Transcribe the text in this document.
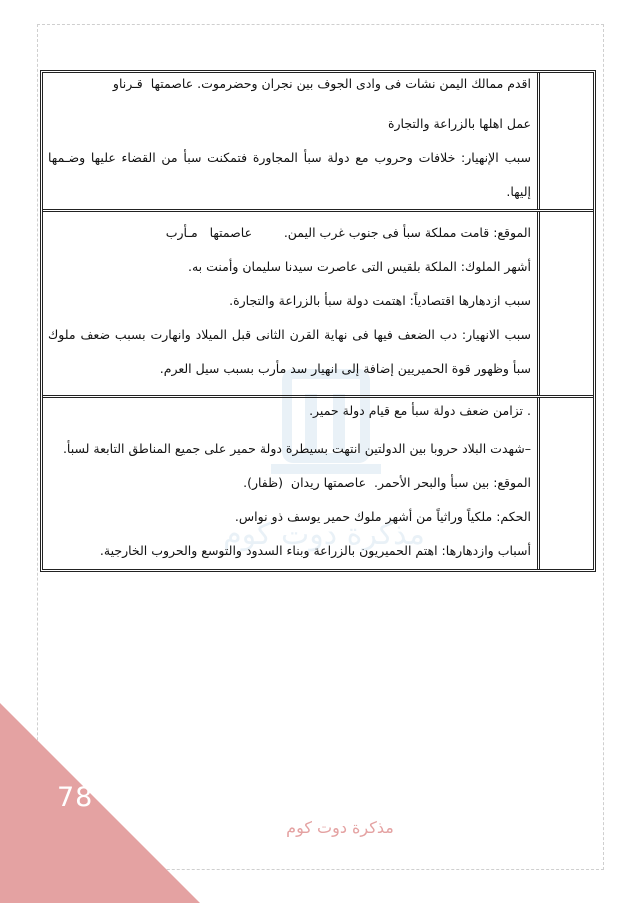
مذكرة دوت كوم

اقدم ممالك اليمن نشات فى وادى الجوف بين نجران وحضرموت. عاصمتها  قـرناو

عمل اهلها بالزراعة والتجارة

سبب الإنهيار: خلافات وحروب مع دولة سبأ المجاورة فتمكنت سبأ من القضاء عليها وضـمها إليها.

الموقع: قامت مملكة سبأ فى جنوب غرب اليمن.        عاصمتها   مـأرب

أشهر الملوك: الملكة بلقيس التى عاصرت سيدنا سليمان وأمنت به.

سبب ازدهارها اقتصادياً: اهتمت دولة سبأ بالزراعة والتجارة.

سبب الانهيار: دب الضعف فيها فى نهاية القرن الثانى قبل الميلاد وانهارت بسبب ضعف ملوك سبأ وظهور قوة الحميريين إضافة إلى انهيار سد مأرب بسبب سيل العرم.

. تزامن ضعف دولة سبأ مع قيام دولة حمير.

–شهدت البلاد حروبا بين الدولتين انتهت بسيطرة دولة حمير على جميع المناطق التابعة لسبأ.

الموقع: بين سبأ والبحر الأحمر.  عاصمتها ريدان  (ظفار).

الحكم: ملكياً وراثياً من أشهر ملوك حمير يوسف ذو نواس.

أسباب وازدهارها: اهتم الحميريون بالزراعة وبناء السدود والتوسع والحروب الخارجية.

78
مذكرة دوت كوم
